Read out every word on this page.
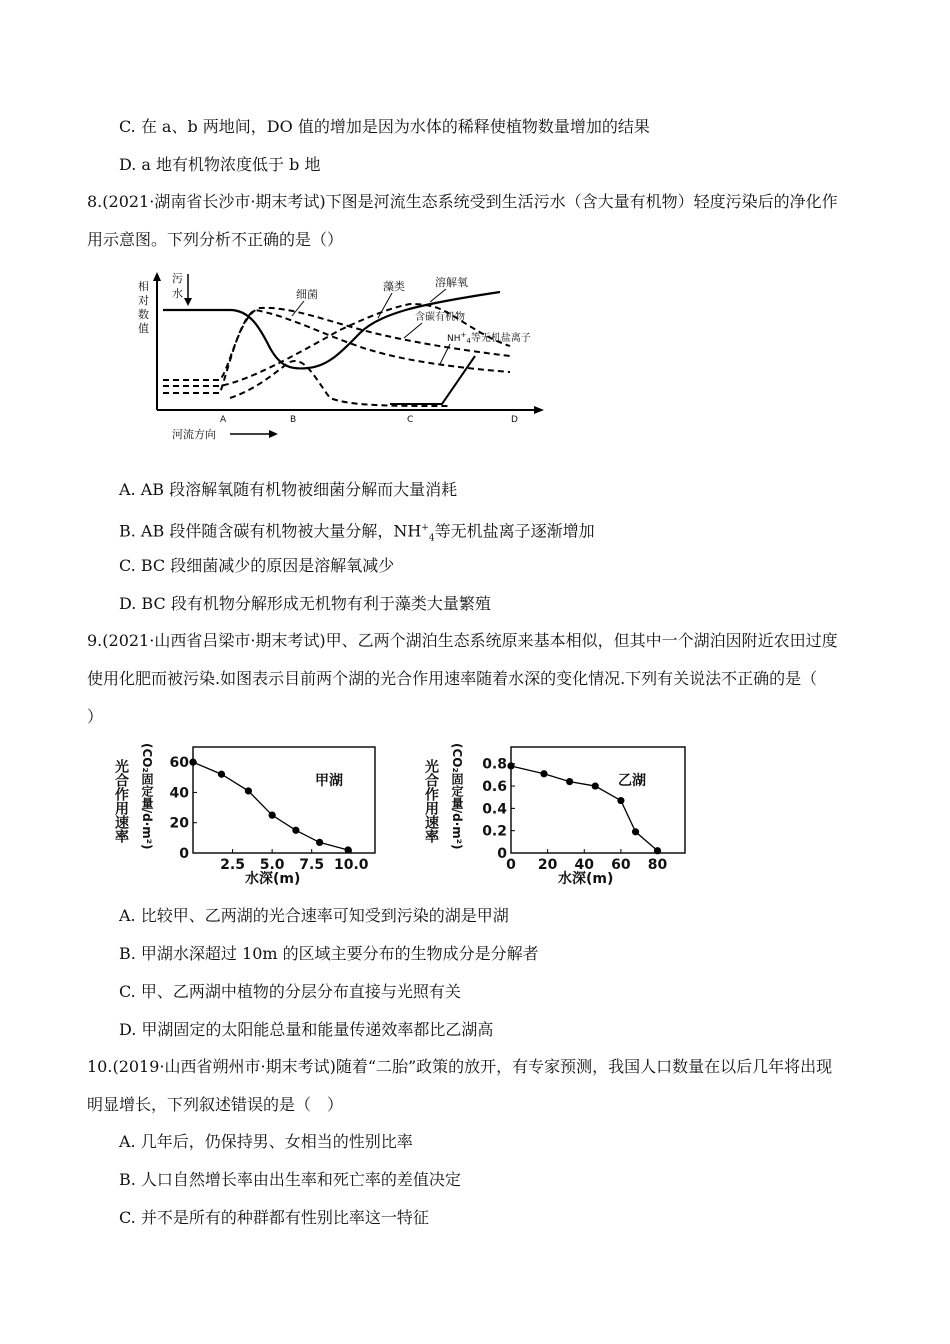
C. 在 a、b 两地间，DO 值的增加是因为水体的稀释使植物数量增加的结果
D. a 地有机物浓度低于 b 地
8.(2021·湖南省长沙市·期末考试)下图是河流生态系统受到生活污水（含大量有机物）轻度污染后的净化作
用示意图。下列分析不正确的是（）
相
对
数
值
污
水
A	B	C	D
河流方向
细菌
藻类	溶解氧
含碳有机物
$NH^+_4$等无机盐离子
A. AB 段溶解氧随有机物被细菌分解而大量消耗
B. AB 段伴随含碳有机物被大量分解，$NH^+_4$等无机盐离子逐渐增加
C. BC 段细菌减少的原因是溶解氧减少
D. BC 段有机物分解形成无机物有利于藻类大量繁殖
9.(2021·山西省吕梁市·期末考试)甲、乙两个湖泊生态系统原来基本相似，但其中一个湖泊因附近农田过度
使用化肥而被污染.如图表示目前两个湖的光合作用速率随着水深的变化情况.下列有关说法不正确的是（
）
光合作用速率 (CO₂固定量/d·m²) 60
40
20
0
2.5 5.0 7.5 10.0
甲湖
水深(m)
光合作用速率 (CO₂固定量/d·m²) 0.8
0.6
0.4
0.2
0
0 20 40 60 80
乙湖
水深(m)
A. 比较甲、乙两湖的光合速率可知受到污染的湖是甲湖
B. 甲湖水深超过 10m 的区域主要分布的生物成分是分解者
C. 甲、乙两湖中植物的分层分布直接与光照有关
D. 甲湖固定的太阳能总量和能量传递效率都比乙湖高
10.(2019·山西省朔州市·期末考试)随着“二胎”政策的放开，有专家预测，我国人口数量在以后几年将出现
明显增长，下列叙述错误的是（　）
A. 几年后，仍保持男、女相当的性别比率
B. 人口自然增长率由出生率和死亡率的差值决定
C. 并不是所有的种群都有性别比率这一特征
